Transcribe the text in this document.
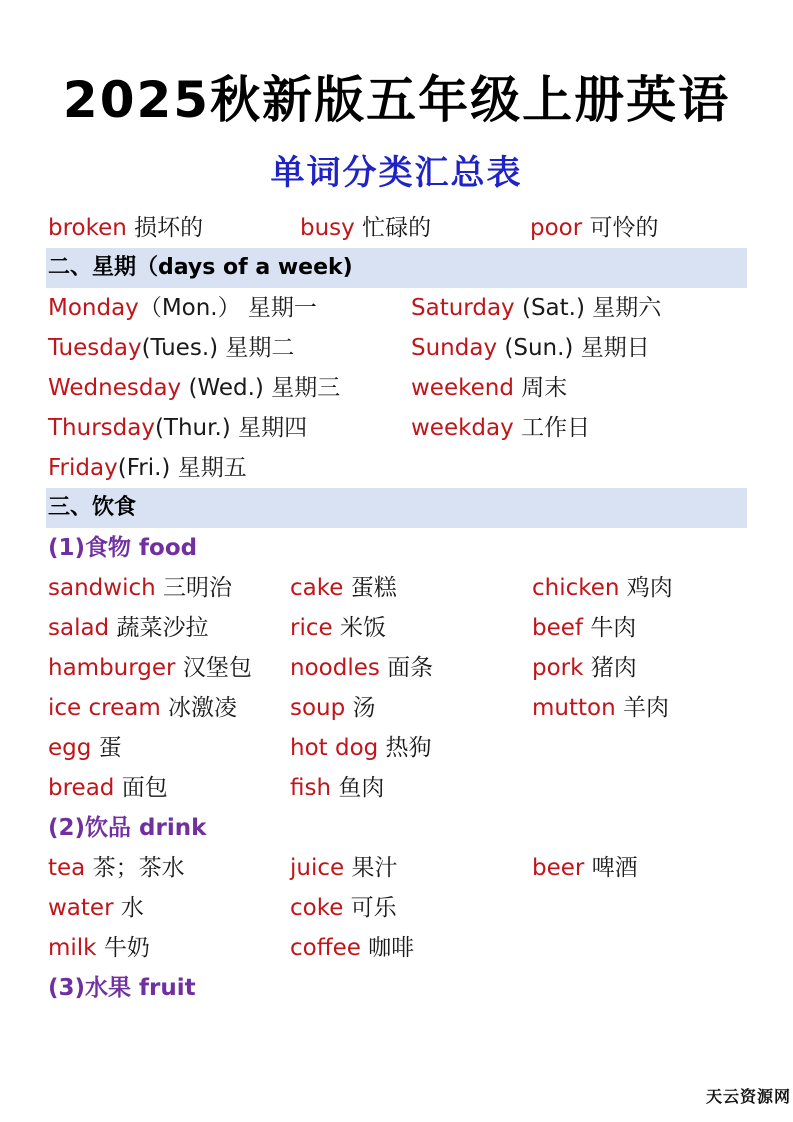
2025秋新版五年级上册英语
单词分类汇总表
broken 损坏的	busy 忙碌的	poor 可怜的
二、星期（days of a week)
Monday（Mon.） 星期一	Saturday (Sat.) 星期六
Tuesday(Tues.) 星期二	Sunday (Sun.) 星期日
Wednesday (Wed.) 星期三	weekend 周末
Thursday(Thur.) 星期四	weekday 工作日
Friday(Fri.) 星期五
三、饮食
(1)食物 food
sandwich 三明治	cake 蛋糕	chicken 鸡肉
salad 蔬菜沙拉	rice 米饭	beef 牛肉
hamburger 汉堡包 noodles 面条	pork 猪肉
ice cream 冰激凌 soup 汤	mutton 羊肉
egg 蛋	hot dog 热狗
bread 面包	fish 鱼肉
(2)饮品 drink
tea 茶；茶水	juice 果汁	beer 啤酒
water 水	coke 可乐
milk 牛奶	coffee 咖啡
(3)水果 fruit
天云资源网
